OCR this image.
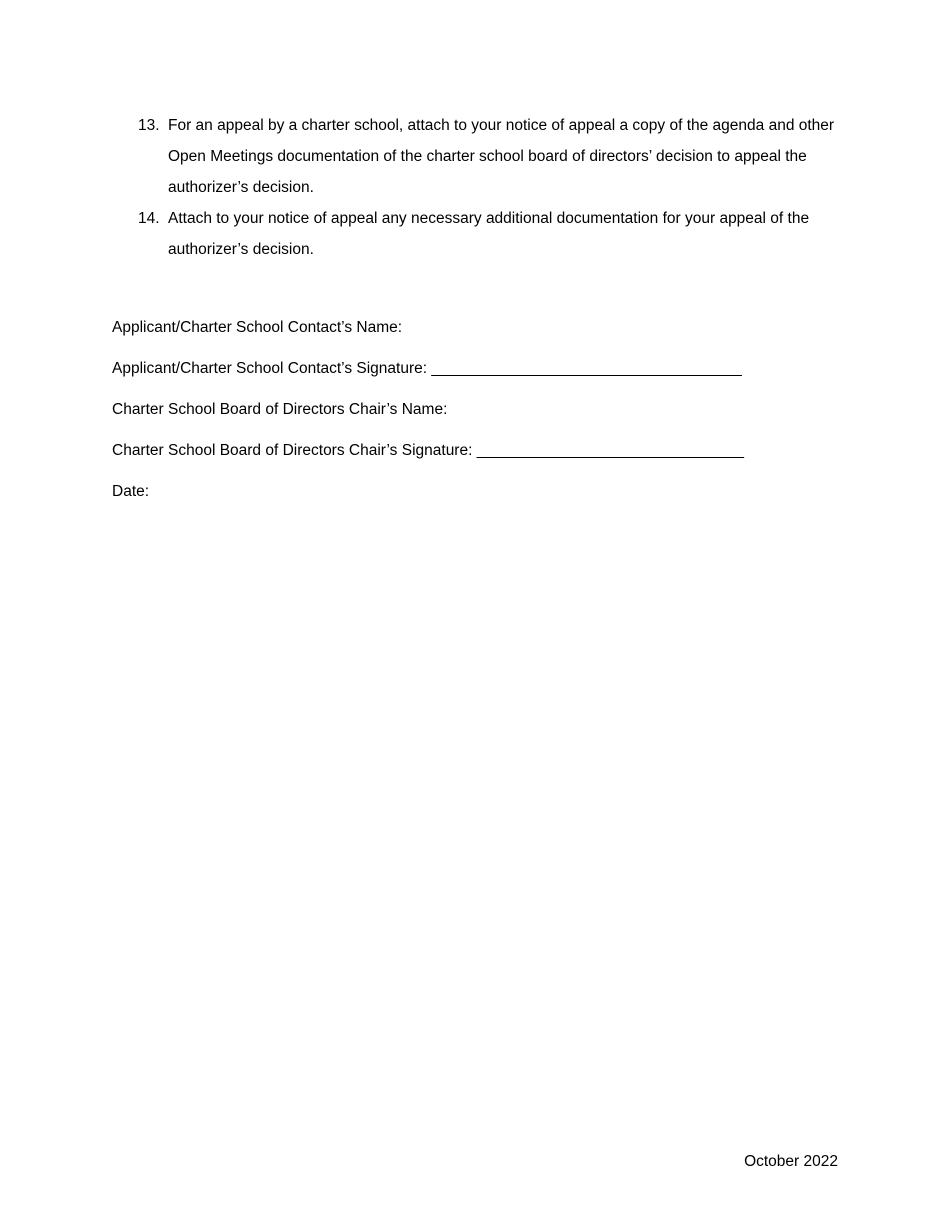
13. For an appeal by a charter school, attach to your notice of appeal a copy of the agenda and other Open Meetings documentation of the charter school board of directors’ decision to appeal the authorizer’s decision.
14. Attach to your notice of appeal any necessary additional documentation for your appeal of the authorizer’s decision.
Applicant/Charter School Contact’s Name:
Applicant/Charter School Contact’s Signature: ____________________________________
Charter School Board of Directors Chair’s Name:
Charter School Board of Directors Chair’s Signature: _______________________________
Date:
October 2022
